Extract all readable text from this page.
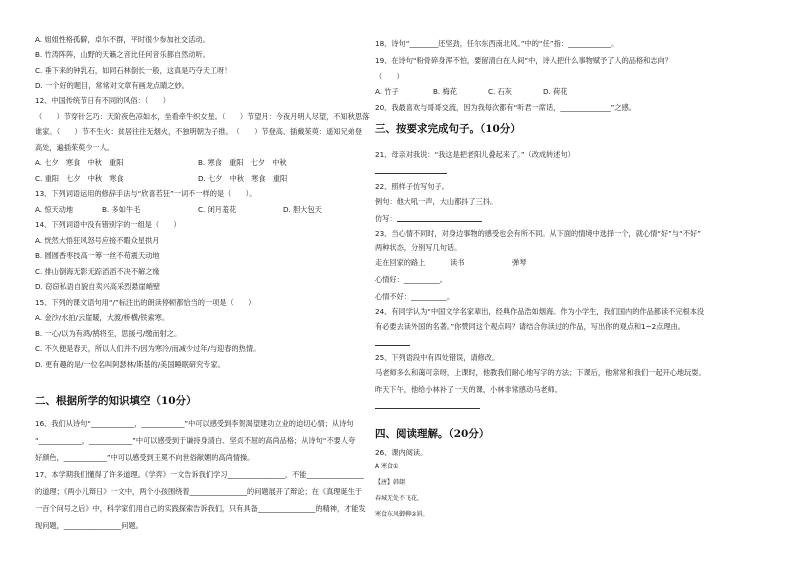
A. 姐姐性格孤僻，卓尔不群，平时很少参加社交活动。
B. 竹涛阵阵，山野的天籁之音比任何音乐都自然动听。
C. 垂下来的钟乳石，如同石林倒长一般，这真是巧夺天工呀！
D. 一个好的题目，常常对文章有画龙点睛之妙。
12、中国传统节日有不同的风俗：（　　）
（　　）节穿针乞巧：天阶夜色凉如水，坐看牵牛织女星。（　　）节望月：今夜月明人尽望，不知秋思落
谁家。（　　）节不生火：贫居往往无烟火，不独明朝为子推。　（　　）节登高、插戴茱萸：遥知兄弟登
高处，遍插茱萸少一人。
A. 七夕　寒食　中秋　重阳	B. 寒食　重阳　七夕　中秋
C. 重阳　七夕　中秋　寒食	D. 七夕　中秋　寒食　重阳
13、下列词语运用的修辞手法与“欣喜若狂”一词不一样的是（　　）。
A. 惊天动地	B. 多如牛毛	C. 闭月羞花	D. 胆大包天
14、下列词语中没有错别字的一组是（　　）
A. 恍然大悟狂风怒号应接不暇众星拱月
B. 圆圆香枣技高一筹一丝不苟震天动地
C. 排山倒海无影无踪滔滔不决不解之缘
D. 窃窃私语自貌自卖兴高采烈悬崖峭壁
15、下列的课文语句用“/”标注出的朗读停顿都恰当的一项是（　　）
A. 金沙/水拍/云崖暖，大渡/桥横/铁索寒。
B. 一心/以为有鸿/鹄将至，思援弓/缴而射之。
C. 不久便是春天，所以人们并不/因为寒冷/而减少过年/与迎春的热情。
D. 更有趣的是/一位名叫阿瑟林/斯基的/美国睡眠研究专家。
二、根据所学的知识填空（10分）
16、我们从诗句“____________，____________”中可以感受到李贺渴望建功立业的迫切心情；从诗句
“____________，____________”中可以感受到于谦持身清白、坚贞不屈的高尚品格；从诗句“不要人夸
好颜色，____________”中可以感受到王冕不向世俗献媚的高尚情操。
17、本学期我们懂得了许多道理。《学弈》一文告诉我们学习________________，不能________________
的道理；《两小儿辩日》一文中，两个小孩围绕着________________的问题展开了辩论；在《真理诞生于
一百个问号之后》中，科学家们用自己的实践探索告诉我们，只有具备________________的精神，才能发
现问题，________________问题。
18、诗句“________还坚劲，任尔东西南北风。”中的“任”指：____________。
19、在诗句“粉骨碎身浑不怕，要留清白在人间”中，诗人把什么事物赋予了人的品格和志向？
（　　）
A. 竹子	B. 梅花	C. 石灰	D. 荷花
20、我最喜欢与哥哥交流，因为我每次都有“听君一席话，______________”之感。
三、按要求完成句子。（10分）
21、母亲对我说：“我这是把老阳儿叠起来了。”（改成转述句）
22、照样子仿写句子。
例句：他大吼一声，大山都抖了三抖。
仿写：
23、当心情不同时，对身边事物的感受也会有所不同。从下面的情境中选择一个，就心情“好”与“不好”
两种状态，分别写几句话。
走在回家的路上	读书	弹琴
心情好：__________。
心情不好：__________。
24、有同学认为“中国文学名家辈出，经典作品浩如烟海。作为小学生，我们国内的作品都读不完根本没
有必要去读外国的名著。”你赞同这个观点吗？请结合你读过的作品，写出你的观点和1~2点理由。
25、下列语段中有四处错误，请修改。
马老师多么和蔼可亲呀，上课时，他教我们耐心地写字的方法；下课后，他常常和我们一起开心地玩耍。
昨天下午，他给小林补了一天的课，小林非常感动马老师。
四、阅读理解。（20分）
26、课内阅读。
A 寒食①
【唐】韩翃
春城无处不飞花，
寒食东风御柳②斜。
